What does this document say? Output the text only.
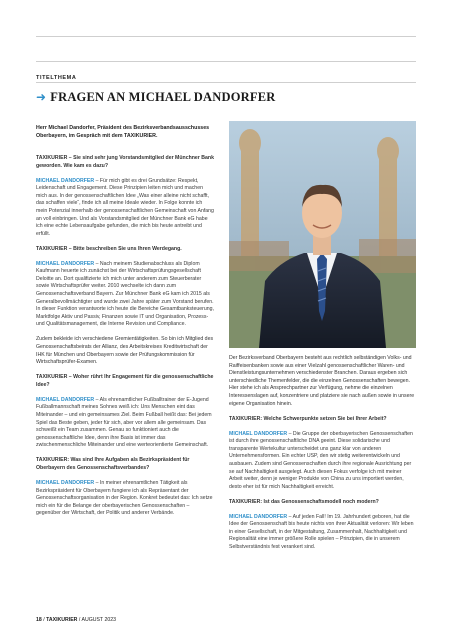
TITELTHEMA
➜ FRAGEN AN MICHAEL DANDORFER
Herr Michael Dandorfer, Präsident des Bezirksverbandsausschusses Oberbayern, im Gespräch mit dem TAXIKURIER.

TAXIKURIER – Sie sind sehr jung Vorstandsmitglied der Münchner Bank geworden. Wie kam es dazu?

MICHAEL DANDORFER – Für mich gibt es drei Grundsätze: Respekt, Leidenschaft und Engagement. Diese Prinzipien leiten mich und machen mich aus. In der genossenschaftlichen Idee „Was einer alleine nicht schafft, das schaffen viele“, finde ich all meine Ideale wieder. In Folge konnte ich mein Potenzial innerhalb der genossenschaftlichen Gemeinschaft von Anfang an voll einbringen. Und als Vorstandsmitglied der Münchner Bank eG habe ich eine echte Lebensaufgabe gefunden, die mich bis heute antreibt und erfüllt.

TAXIKURIER – Bitte beschreiben Sie uns Ihren Werdegang.

MICHAEL DANDORFER – Nach meinem Studienabschluss als Diplom Kaufmann heuerte ich zunächst bei der Wirtschaftsprüfungsgesellschaft Deloitte an. Dort qualifizierte ich mich unter anderem zum Steuerberater sowie Wirtschaftsprüfer weiter. 2010 wechselte ich dann zum Genossenschaftsverband Bayern. Zur Münchner Bank eG kam ich 2015 als Generalbevollmächtigter und wurde zwei Jahre später zum Vorstand berufen. In dieser Funktion verantworte ich heute die Bereiche Gesamtbanksteuerung, Marktfolge Aktiv und Passiv, Finanzen sowie IT und Organisation, Prozess- und Qualitätsmanagement, die Interne Revision und Compliance.

Zudem bekleide ich verschiedene Gremientätigkeiten. So bin ich Mitglied des Genossenschaftsbeirats der Allianz, des Arbeitskreises Kreditwirtschaft der IHK für München und Oberbayern sowie der Prüfungskommission für Wirtschaftsprüfer-Examen.

TAXIKURIER – Woher rührt Ihr Engagement für die genossenschaftliche Idee?

MICHAEL DANDORFER – Als ehrenamtlicher Fußballtrainer der E-Jugend Fußballmannschaft meines Sohnes weiß ich: Uns Menschen eint das Miteinander – und ein gemeinsames Ziel. Beim Fußball heißt das: Bei jedem Spiel das Beste geben, jeder für sich, aber vor allem alle gemeinsam. Das schweißt ein Team zusammen. Genau so funktioniert auch die genossenschaftliche Idee, denn ihre Basis ist immer das zwischenmenschliche Miteinander und eine werteorientierte Gemeinschaft.

TAXIKURIER: Was sind Ihre Aufgaben als Bezirkspräsident für Oberbayern des Genossenschaftsverbandes?

MICHAEL DANDORFER – In meiner ehrenamtlichen Tätigkeit als Bezirkspräsident für Oberbayern fungiere ich als Repräsentant der Genossenschaftsorganisation in der Region. Konkret bedeutet das: Ich setze mich ein für die Belange der oberbayerischen Genossenschaften – gegenüber der Wirtschaft, der Politik und anderer Verbände.

Der Bezirksverband Oberbayern besteht aus rechtlich selbständigen Volks- und Raiffeisenbanken sowie aus einer Vielzahl genossenschaftlicher Waren- und Dienstleistungsunternehmen verschiedenster Branchen. Daraus ergeben sich unterschiedliche Themenfelder, die die einzelnen Genossenschaften bewegen. Hier stehe ich als Ansprechpartner zur Verfügung, nehme die einzelnen Interessenslagen auf, konzentriere und platziere sie nach außen sowie in unsere eigene Organisation hinein.

TAXIKURIER: Welche Schwerpunkte setzen Sie bei Ihrer Arbeit?

MICHAEL DANDORFER – Die Gruppe der oberbayerischen Genossenschaften ist durch ihre genossenschaftliche DNA geeint. Diese solidarische und transparente Wertekultur unterscheidet uns ganz klar von anderen Unternehmensformen. Ein echter USP, den wir stetig weiterentwickeln und ausbauen. Zudem sind Genossenschaften durch ihre regionale Ausrichtung per se auf Nachhaltigkeit ausgelegt. Auch diesen Fokus verfolge ich mit meiner Arbeit weiter, denn je weniger Produkte von China zu uns importiert werden, desto eher ist für mich Nachhaltigkeit erreicht.

TAXIKURIER: Ist das Genossenschaftsmodell noch modern?

MICHAEL DANDORFER – Auf jeden Fall! Im 19. Jahrhundert geboren, hat die Idee der Genossenschaft bis heute nichts von ihrer Aktualität verloren: Wir leben in einer Gesellschaft, in der Mitgestaltung, Zusammenhalt, Nachhaltigkeit und Regionalität eine immer größere Rolle spielen – Prinzipien, die in unserem Selbstverständnis fest verankert sind.

18 / TAXIKURIER / AUGUST 2023
